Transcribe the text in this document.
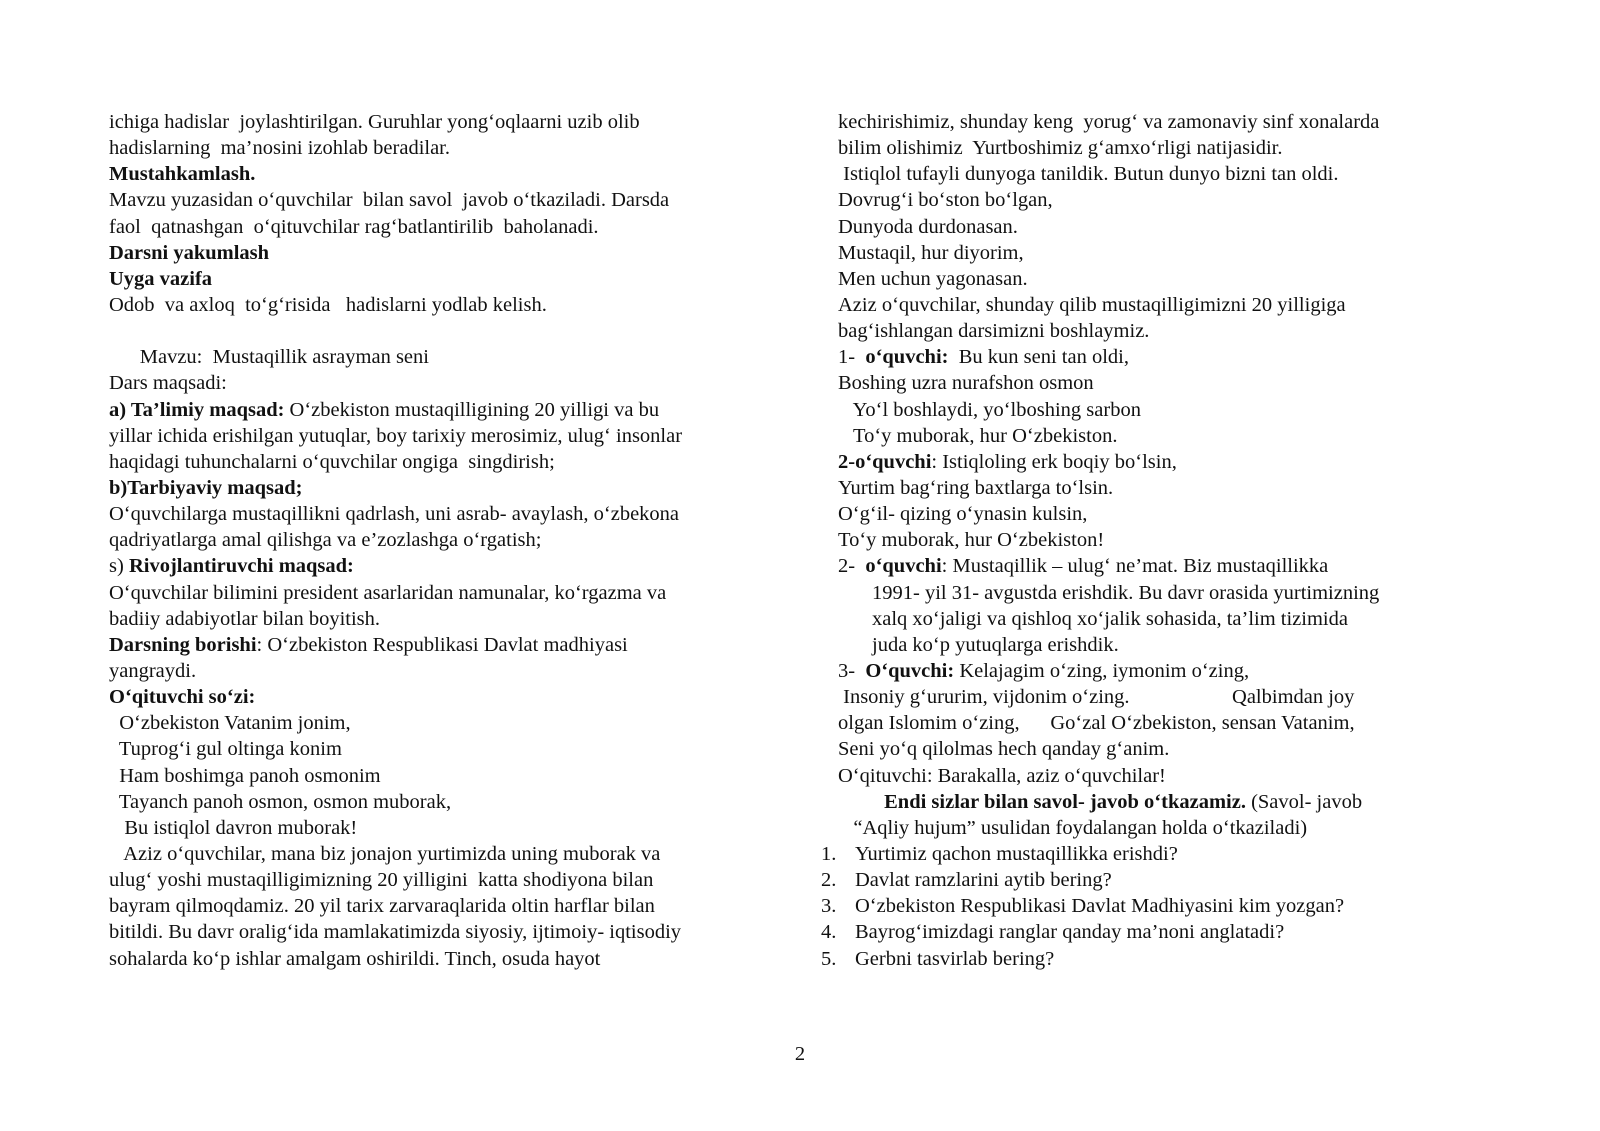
ichiga hadislar  joylashtirilgan. Guruhlar yong‘oqlaarni uzib olib
hadislarning  ma’nosini izohlab beradilar.
Mustahkamlash.
Mavzu yuzasidan o‘quvchilar  bilan savol  javob o‘tkaziladi. Darsda
faol  qatnashgan  o‘qituvchilar rag‘batlantirilib  baholanadi.
Darsni yakumlash
Uyga vazifa
Odob  va axloq  to‘g‘risida   hadislarni yodlab kelish.
Mavzu:  Mustaqillik asrayman seni
Dars maqsadi:
a) Ta’limiy maqsad: O‘zbekiston mustaqilligining 20 yilligi va bu
yillar ichida erishilgan yutuqlar, boy tarixiy merosimiz, ulug‘ insonlar
haqidagi tuhunchalarni o‘quvchilar ongiga  singdirish;
b)Tarbiyaviy maqsad;
O‘quvchilarga mustaqillikni qadrlash, uni asrab- avaylash, o‘zbekona
qadriyatlarga amal qilishga va e’zozlashga o‘rgatish;
s) Rivojlantiruvchi maqsad:
O‘quvchilar bilimini president asarlaridan namunalar, ko‘rgazma va
badiiy adabiyotlar bilan boyitish.
Darsning borishi: O‘zbekiston Respublikasi Davlat madhiyasi
yangraydi.
O‘qituvchi so‘zi:
O‘zbekiston Vatanim jonim,
Tuprog‘i gul oltinga konim
Ham boshimga panoh osmonim
Tayanch panoh osmon, osmon muborak,
Bu istiqlol davron muborak!
Aziz o‘quvchilar, mana biz jonajon yurtimizda uning muborak va
ulug‘ yoshi mustaqilligimizning 20 yilligini  katta shodiyona bilan
bayram qilmoqdamiz. 20 yil tarix zarvaraqlarida oltin harflar bilan
bitildi. Bu davr oralig‘ida mamlakatimizda siyosiy, ijtimoiy- iqtisodiy
sohalarda ko‘p ishlar amalgam oshirildi. Tinch, osuda hayot
kechirishimiz, shunday keng  yorug‘ va zamonaviy sinf xonalarda
bilim olishimiz  Yurtboshimiz g‘amxo‘rligi natijasidir.
Istiqlol tufayli dunyoga tanildik. Butun dunyo bizni tan oldi.
Dovrug‘i bo‘ston bo‘lgan,
Dunyoda durdonasan.
Mustaqil, hur diyorim,
Men uchun yagonasan.
Aziz o‘quvchilar, shunday qilib mustaqilligimizni 20 yilligiga
bag‘ishlangan darsimizni boshlaymiz.
1-  o‘quvchi:  Bu kun seni tan oldi,
Boshing uzra nurafshon osmon
Yo‘l boshlaydi, yo‘lboshing sarbon
To‘y muborak, hur O‘zbekiston.
2-o‘quvchi: Istiqloling erk boqiy bo‘lsin,
Yurtim bag‘ring baxtlarga to‘lsin.
O‘g‘il- qizing o‘ynasin kulsin,
To‘y muborak, hur O‘zbekiston!
2-  o‘quvchi: Mustaqillik – ulug‘ ne’mat. Biz mustaqillikka
1991- yil 31- avgustda erishdik. Bu davr orasida yurtimizning
xalq xo‘jaligi va qishloq xo‘jalik sohasida, ta’lim tizimida
juda ko‘p yutuqlarga erishdik.
3-  O‘quvchi: Kelajagim o‘zing, iymonim o‘zing,
Insoniy g‘ururim, vijdonim o‘zing.                    Qalbimdan joy
olgan Islomim o‘zing,      Go‘zal O‘zbekiston, sensan Vatanim,
Seni yo‘q qilolmas hech qanday g‘anim.
O‘qituvchi: Barakalla, aziz o‘quvchilar!
Endi sizlar bilan savol- javob o‘tkazamiz. (Savol- javob
“Aqliy hujum” usulidan foydalangan holda o‘tkaziladi)
1. Yurtimiz qachon mustaqillikka erishdi?
2. Davlat ramzlarini aytib bering?
3. O‘zbekiston Respublikasi Davlat Madhiyasini kim yozgan?
4. Bayrog‘imizdagi ranglar qanday ma’noni anglatadi?
5. Gerbni tasvirlab bering?
2
